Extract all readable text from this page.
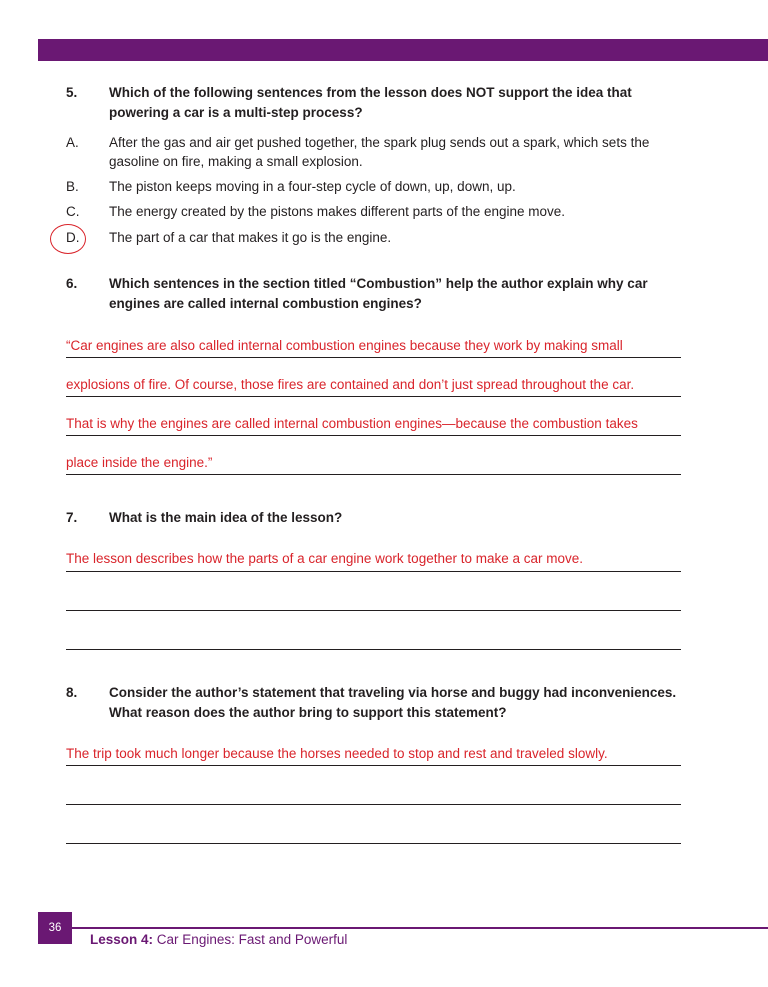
5. Which of the following sentences from the lesson does NOT support the idea that powering a car is a multi-step process?
A. After the gas and air get pushed together, the spark plug sends out a spark, which sets the gasoline on fire, making a small explosion.
B. The piston keeps moving in a four-step cycle of down, up, down, up.
C. The energy created by the pistons makes different parts of the engine move.
D. The part of a car that makes it go is the engine.
6. Which sentences in the section titled “Combustion” help the author explain why car engines are called internal combustion engines?
“Car engines are also called internal combustion engines because they work by making small
explosions of fire. Of course, those fires are contained and don’t just spread throughout the car.
That is why the engines are called internal combustion engines—because the combustion takes
place inside the engine.”
7. What is the main idea of the lesson?
The lesson describes how the parts of a car engine work together to make a car move.
8. Consider the author’s statement that traveling via horse and buggy had inconveniences. What reason does the author bring to support this statement?
The trip took much longer because the horses needed to stop and rest and traveled slowly.
36
Lesson 4: Car Engines: Fast and Powerful
